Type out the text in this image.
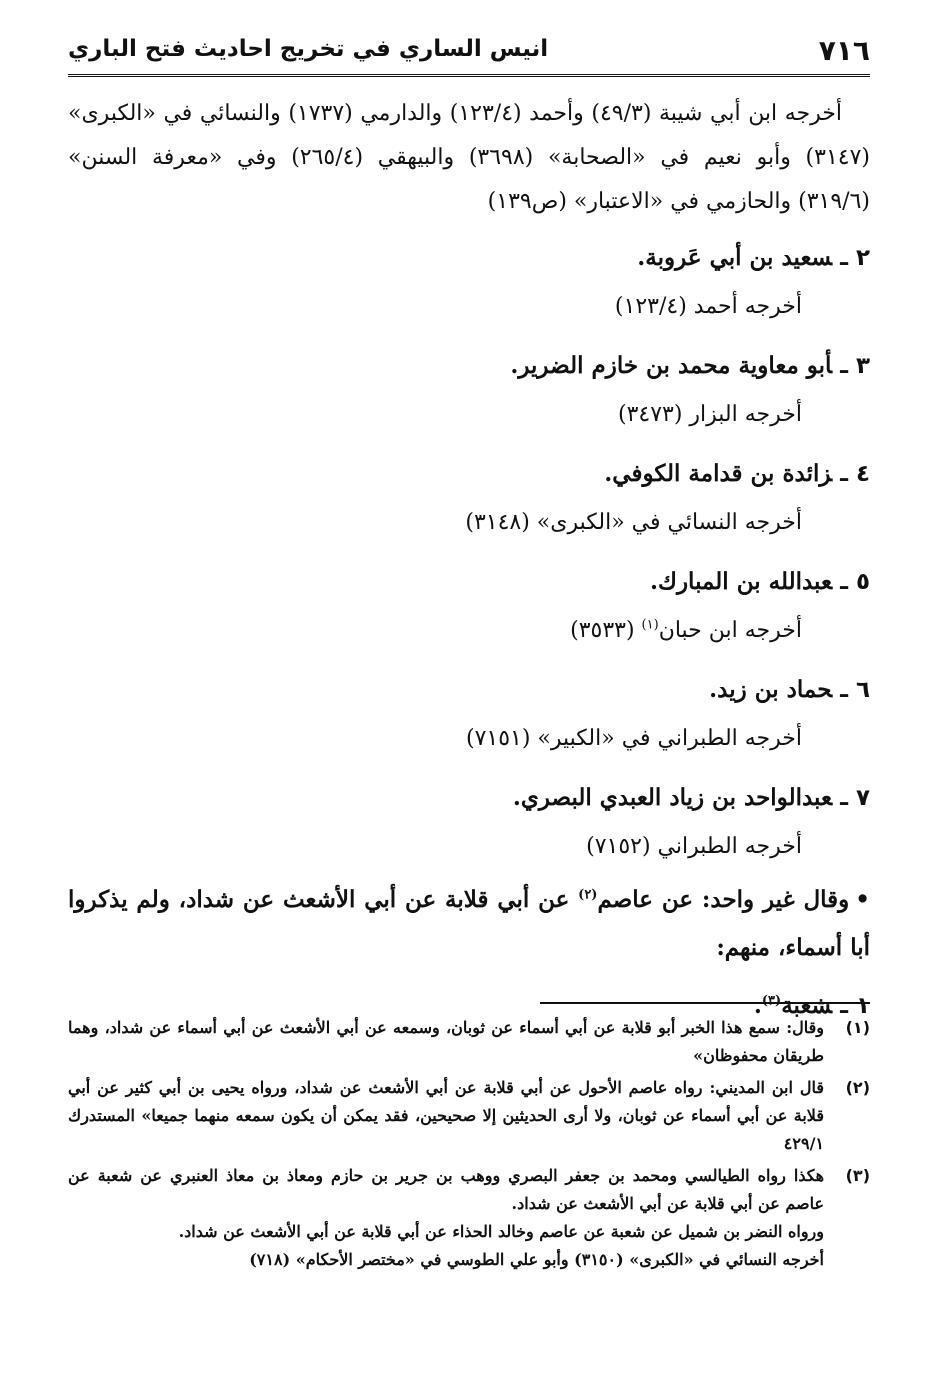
٧١٦
انيس الساري في تخريج احاديث فتح الباري

أخرجه ابن أبي شيبة (٤٩/٣) وأحمد (١٢٣/٤) والدارمي (١٧٣٧) والنسائي في «الكبرى» (٣١٤٧) وأبو نعيم في «الصحابة» (٣٦٩٨) والبيهقي (٢٦٥/٤) وفي «معرفة السنن» (٣١٩/٦) والحازمي في «الاعتبار» (ص١٣٩)

٢ ـسعيد بن أبي عَروبة.
أخرجه أحمد (١٢٣/٤)
٣ ـأبو معاوية محمد بن خازم الضرير.
أخرجه البزار (٣٤٧٣)
٤ ـزائدة بن قدامة الكوفي.
أخرجه النسائي في «الكبرى» (٣١٤٨)
٥ ـعبدالله بن المبارك.
أخرجه ابن حبان$^{(١)}$ (٣٥٣٣)
٦ ـحماد بن زيد.
أخرجه الطبراني في «الكبير» (٧١٥١)
٧ ـعبدالواحد بن زياد العبدي البصري.
أخرجه الطبراني (٧١٥٢)
•وقال غير واحد: عن عاصم$^{(٢)}$ عن أبي قلابة عن أبي الأشعث عن شداد، ولم يذكروا أبا أسماء، منهم:
١ ـشعبة$^{(٣)}$.
(١)
وقال: سمع هذا الخبر أبو قلابة عن أبي أسماء عن ثوبان، وسمعه عن أبي الأشعث عن أبي أسماء عن شداد، وهما طريقان محفوظان»
(٢)
قال ابن المديني: رواه عاصم الأحول عن أبي قلابة عن أبي الأشعث عن شداد، ورواه يحيى بن أبي كثير عن أبي قلابة عن أبي أسماء عن ثوبان، ولا أرى الحديثين إلا صحيحين، فقد يمكن أن يكون سمعه منهما جميعا» المستدرك ٤٢٩/١
(٣)
هكذا رواه الطيالسي ومحمد بن جعفر البصري ووهب بن جرير بن حازم ومعاذ بن معاذ العنبري عن شعبة عن عاصم عن أبي قلابة عن أبي الأشعث عن شداد.
ورواه النضر بن شميل عن شعبة عن عاصم وخالد الحذاء عن أبي قلابة عن أبي الأشعث عن شداد.
أخرجه النسائي في «الكبرى» (٣١٥٠) وأبو علي الطوسي في «مختصر الأحكام» (٧١٨)
